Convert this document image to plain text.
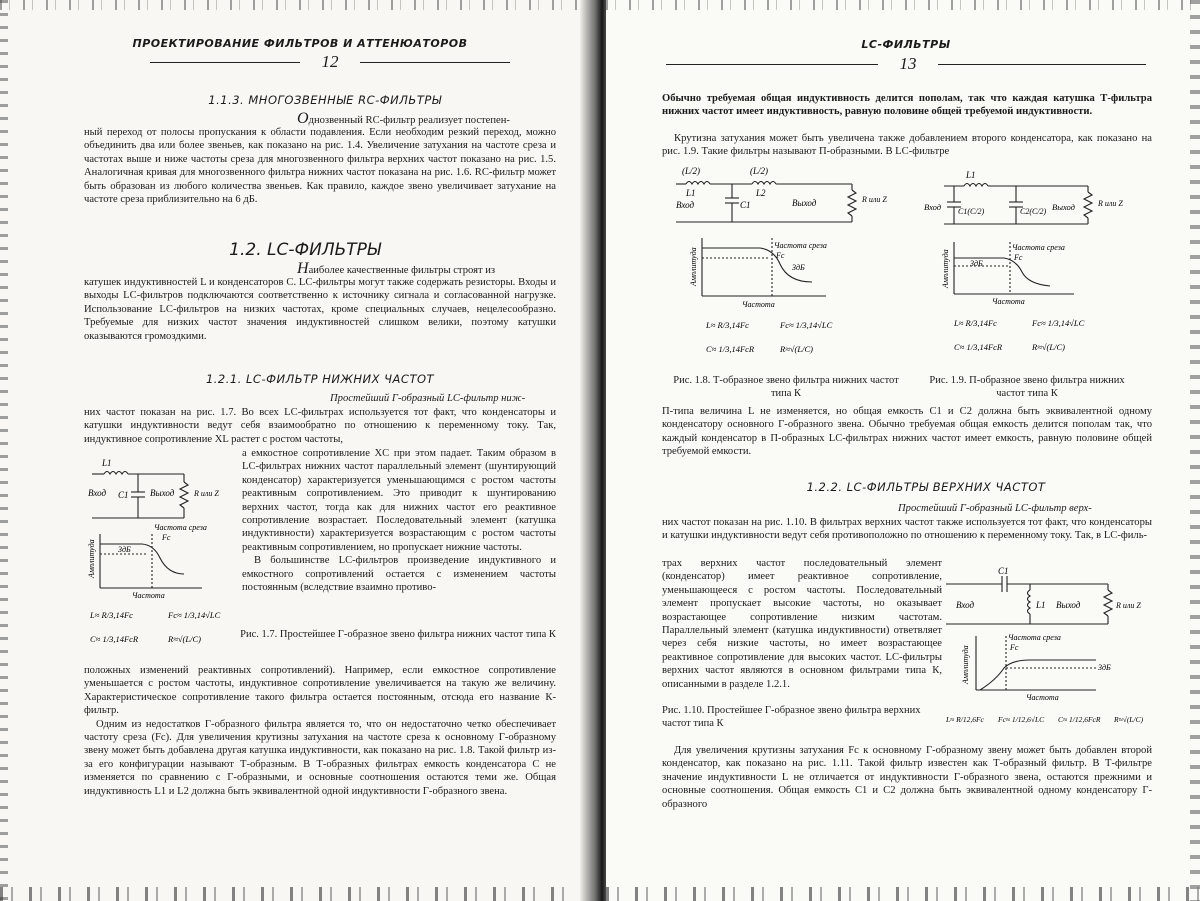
ПРОЕКТИРОВАНИЕ ФИЛЬТРОВ И АТТЕНЮАТОРОВ
12
1.1.3. МНОГОЗВЕННЫЕ RC-ФИЛЬТРЫ
Однозвенный RC-фильтр реализует постепен-

ный переход от полосы пропускания к области подавления. Если необходим резкий переход, можно объединить два или более звеньев, как показано на рис. 1.4. Увеличение затухания на частоте среза и частотах выше и ниже частоты среза для многозвенного фильтра верхних частот показано на рис. 1.5. Аналогичная кривая для многозвенного фильтра нижних частот показана на рис. 1.6. RC-фильтр может быть образован из любого количества звеньев. Как правило, каждое звено увеличивает затухание на частоте среза приблизительно на 6 дБ.

1.2. LC-ФИЛЬТРЫ
Наиболее качественные фильтры строят из

катушек индуктивностей L и конденсаторов C. LC-фильтры могут также содержать резисторы. Входы и выходы LC-фильтров подключаются соответственно к источнику сигнала и согласованной нагрузке. Использование LC-фильтров на низких частотах, кроме специальных случаев, нецелесообразно. Требуемые для низких частот значения индуктивностей слишком велики, поэтому катушки оказываются громоздкими.

1.2.1. LC-ФИЛЬТР НИЖНИХ ЧАСТОТ
Простейший Г-образный LC-фильтр ниж-

них частот показан на рис. 1.7. Во всех LC-фильтрах используется тот факт, что конденсаторы и катушки индуктивности ведут себя взаимообратно по отношению к переменному току. Так, индуктивное сопротивление XL растет с ростом частоты,

а емкостное сопротивление XC при этом падает. Таким образом в LC-фильтрах нижних частот параллельный элемент (шунтирующий конденсатор) характеризуется уменьшающимся с ростом частоты реактивным сопротивлением. Это приводит к шунтированию верхних частот, тогда как для нижних частот его реактивное сопротивление возрастает. Последовательный элемент (катушка индуктивности) характеризуется возрастающим с ростом частоты реактивным сопротивлением, но пропускает нижние частоты.

В большинстве LC-фильтров произведение индуктивного и емкостного сопротивлений остается с изменением частоты постоянным (вследствие взаимно противо-

L1
Вход C1 Выход R или Z
Амплитуда
Частота среза
Fc
3дБ
Частота
L≈ R/3,14Fc	Fc≈ 1/3,14√LC
C≈ 1/3,14FcR	R≈√(L/C)	Рис. 1.7. Простейшее Г-образное звено фильтра нижних частот типа К

положных изменений реактивных сопротивлений). Например, если емкостное сопротивление уменьшается с ростом частоты, индуктивное сопротивление увеличивается на такую же величину. Характеристическое сопротивление такого фильтра остается постоянным, отсюда его название К-фильтр.

Одним из недостатков Г-образного фильтра является то, что он недостаточно четко обеспечивает частоту среза (Fc). Для увеличения крутизны затухания на частоте среза к основному Г-образному звену может быть добавлена другая катушка индуктивности, как показано на рис. 1.8. Такой фильтр из-за его конфигурации называют Т-образным. В Т-образных фильтрах емкость конденсатора С не изменяется по сравнению с Г-образными, и основные соотношения остаются теми же. Общая индуктивность L1 и L2 должна быть эквивалентной одной индуктивности Г-образного звена.

LC-ФИЛЬТРЫ
13

Обычно требуемая общая индуктивность делится пополам, так что каждая катушка Т-фильтра нижних частот имеет индуктивность, равную половине общей требуемой индуктивности.

Крутизна затухания может быть увеличена также добавлением второго конденсатора, как показано на рис. 1.9. Такие фильтры называют П-образными. В LC-фильтре

(L/2)	(L/2)
L1	L2
Вход	C1	Выход	R или Z
Амплитуда
Частота среза
Fc
3дБ
Частота
L≈ R/3,14Fc	Fc≈ 1/3,14√LC
C≈ 1/3,14FcR	R≈√(L/C)
Рис. 1.8. Т-образное звено фильтра нижних частот типа К
L1
Вход C1(C/2)	C2(C/2) Выход	R или Z
Амплитуда
Частота среза
Fc
3дБ
Частота
L≈ R/3,14Fc	Fc≈ 1/3,14√LC
C≈ 1/3,14FcR	R≈√(L/C)
Рис. 1.9. П-образное звено фильтра нижних частот типа К

П-типа величина L не изменяется, но общая емкость C1 и C2 должна быть эквивалентной одному конденсатору основного Г-образного звена. Обычно требуемая общая емкость делится пополам так, что каждый конденсатор в П-образных LC-фильтрах нижних частот имеет емкость, равную половине общей требуемой емкости.

1.2.2. LC-ФИЛЬТРЫ ВЕРХНИХ ЧАСТОТ
Простейший Г-образный LC-фильтр верх-

них частот показан на рис. 1.10. В фильтрах верхних частот также используется тот факт, что конденсаторы и катушки индуктивности ведут себя противоположно по отношению к переменному току. Так, в LC-филь-

трах верхних частот последовательный элемент (конденсатор) имеет реактивное сопротивление, уменьшающееся с ростом частоты. Последовательный элемент пропускает высокие частоты, но оказывает возрастающее сопротивление низким частотам. Параллельный элемент (катушка индуктивности) ответвляет через себя низкие частоты, но имеет возрастающее реактивное сопротивление для высоких частот. LC-фильтры верхних частот являются в основном фильтрами типа К, описанными в разделе 1.2.1.

C1
Вход	L1 Выход	R или Z
Амплитуда
Частота среза
Fc
3дБ
Частота
L≈ R/12,6Fc Fc≈ 1/12,6√LC C≈ 1/12,6FcR R≈√(L/C)
Рис. 1.10. Простейшее Г-образное звено фильтра верхних частот типа К

Для увеличения крутизны затухания Fc к основному Г-образному звену может быть добавлен второй конденсатор, как показано на рис. 1.11. Такой фильтр известен как Т-образный фильтр. В Т-фильтре значение индуктивности L не отличается от индуктивности Г-образного звена, остаются прежними и основные соотношения. Общая емкость C1 и C2 должна быть эквивалентной одному конденсатору Г-образного
